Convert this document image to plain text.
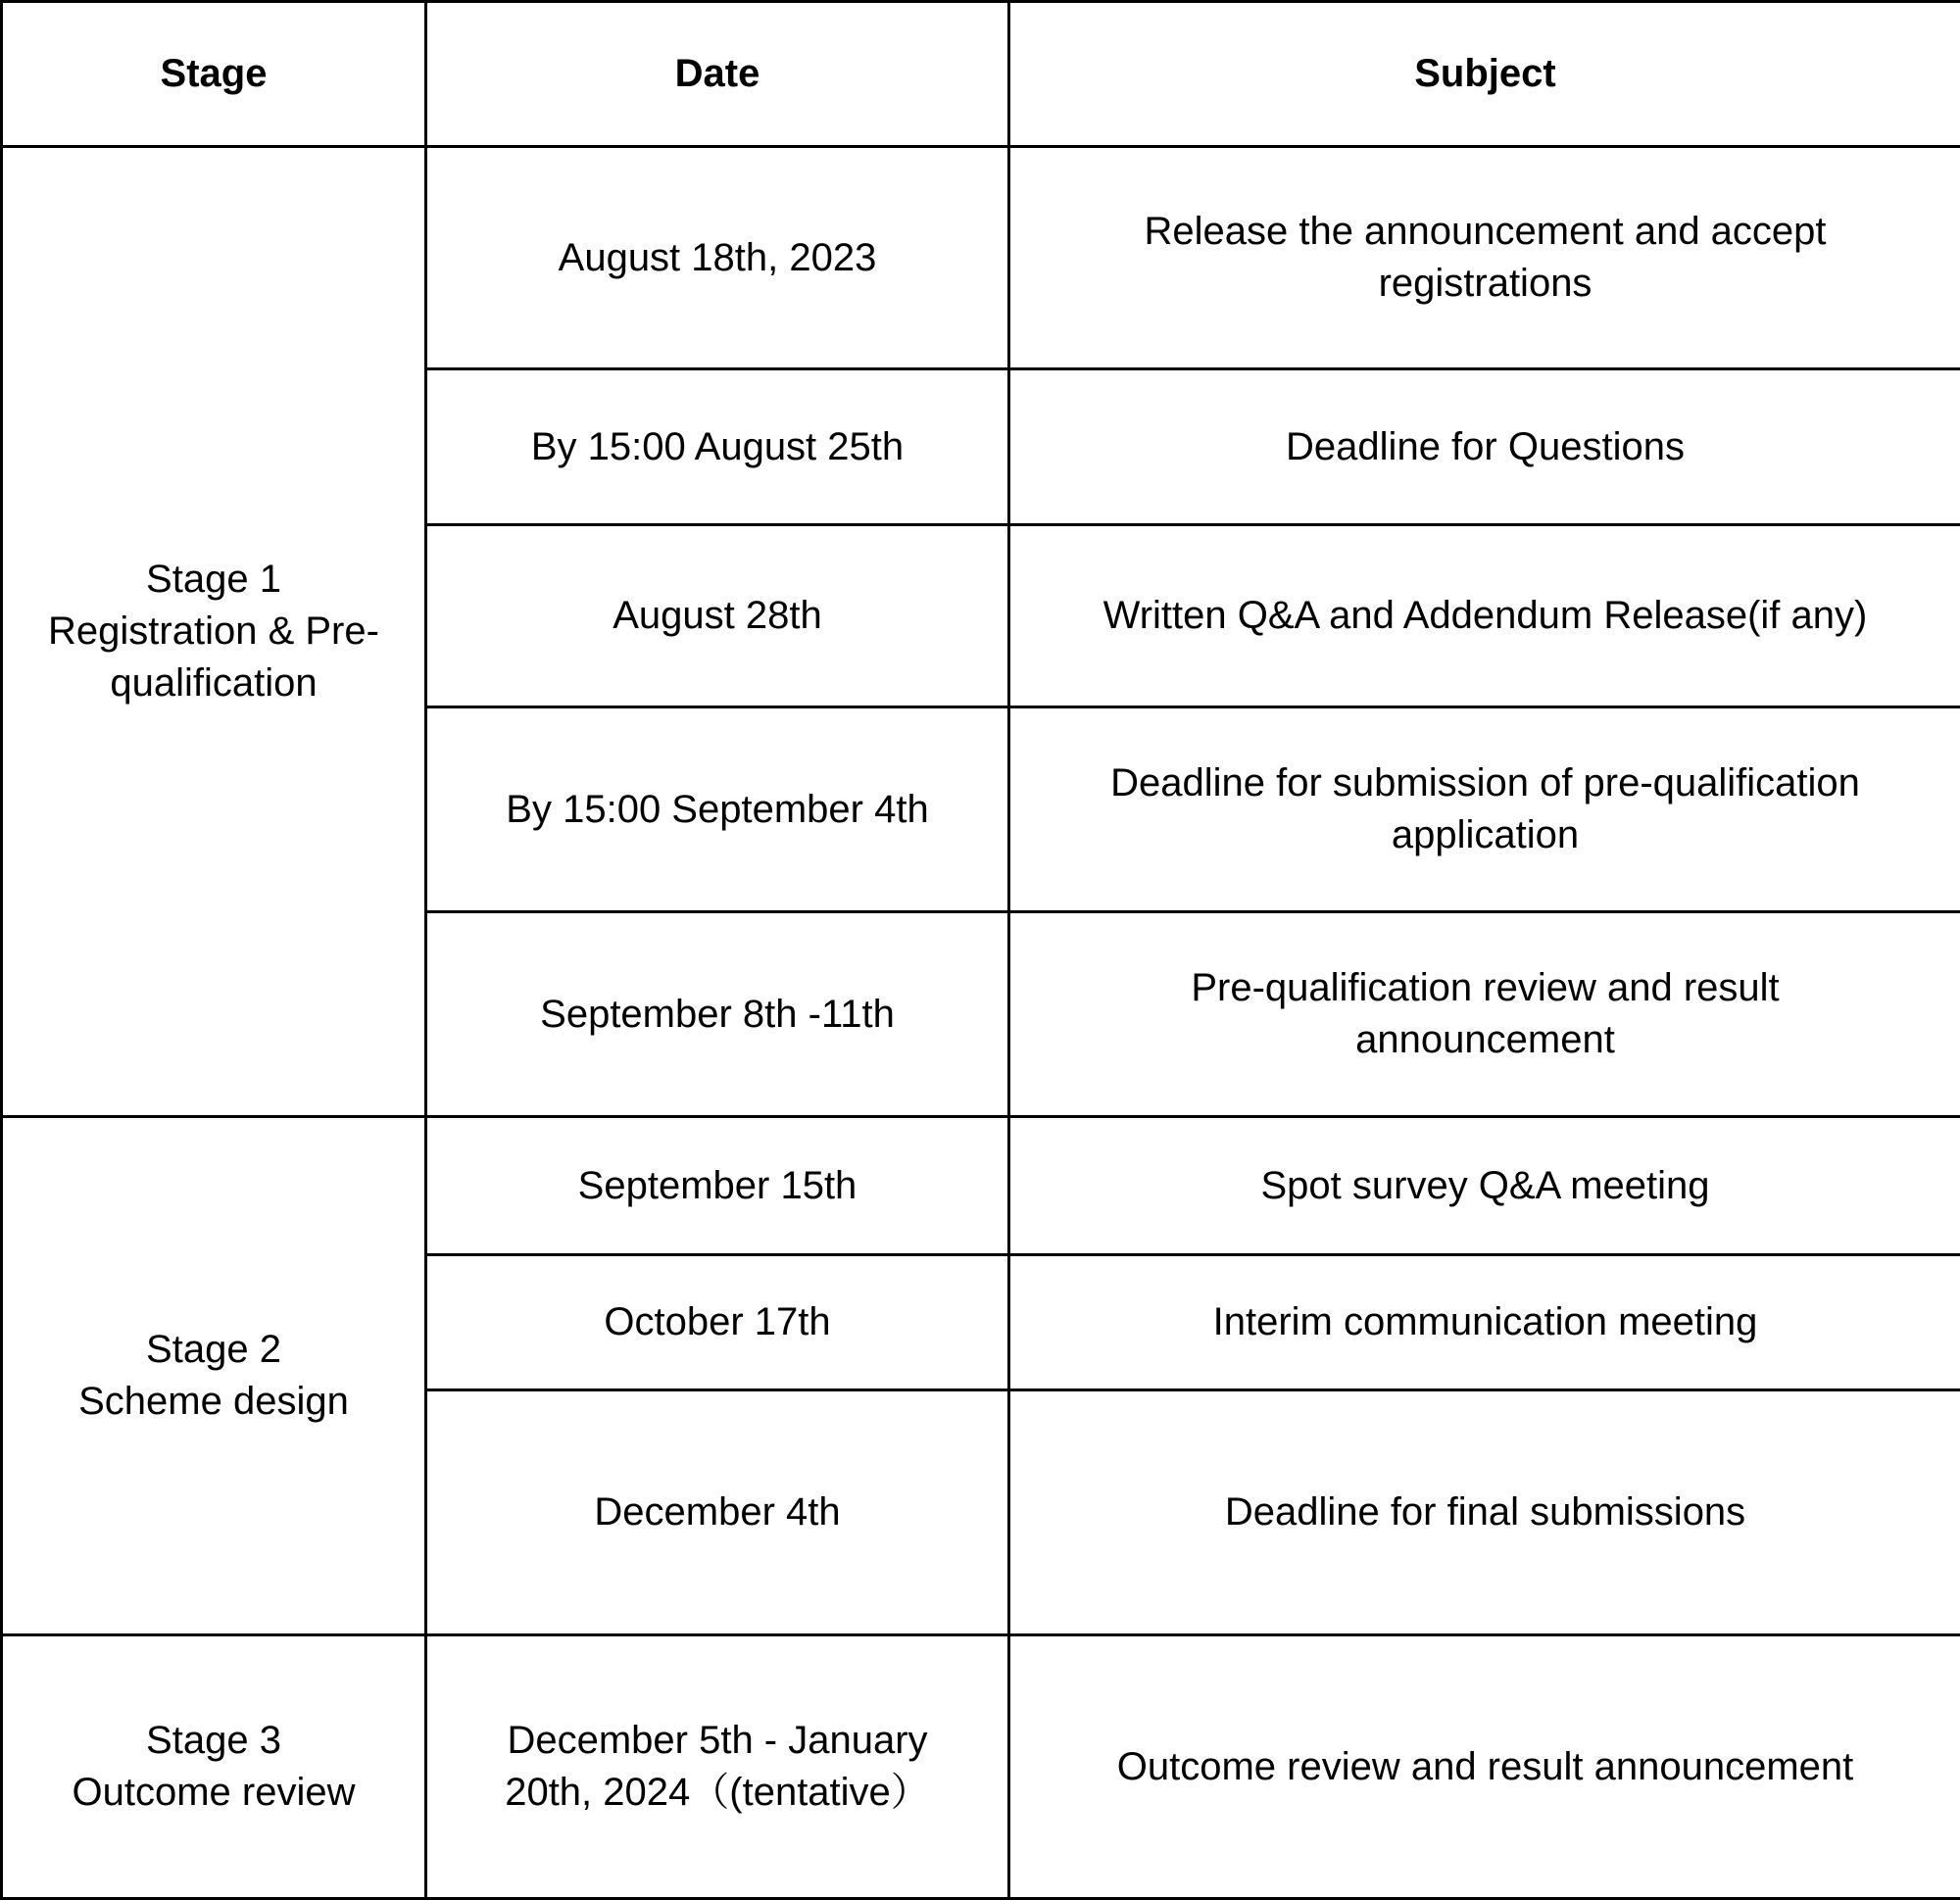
Stage	Date	Subject

Stage 1
Registration & Pre-qualification	August 18th, 2023	Release the announcement and accept registrations
	By 15:00 August 25th	Deadline for Questions
	August 28th	Written Q&A and Addendum Release(if any)
	By 15:00 September 4th	Deadline for submission of pre-qualification application
	September 8th -11th	Pre-qualification review and result announcement

Stage 2
Scheme design	September 15th	Spot survey Q&A meeting
	October 17th	Interim communication meeting
	December 4th	Deadline for final submissions

Stage 3
Outcome review	December 5th - January 20th, 2024（(tentative）	Outcome review and result announcement
